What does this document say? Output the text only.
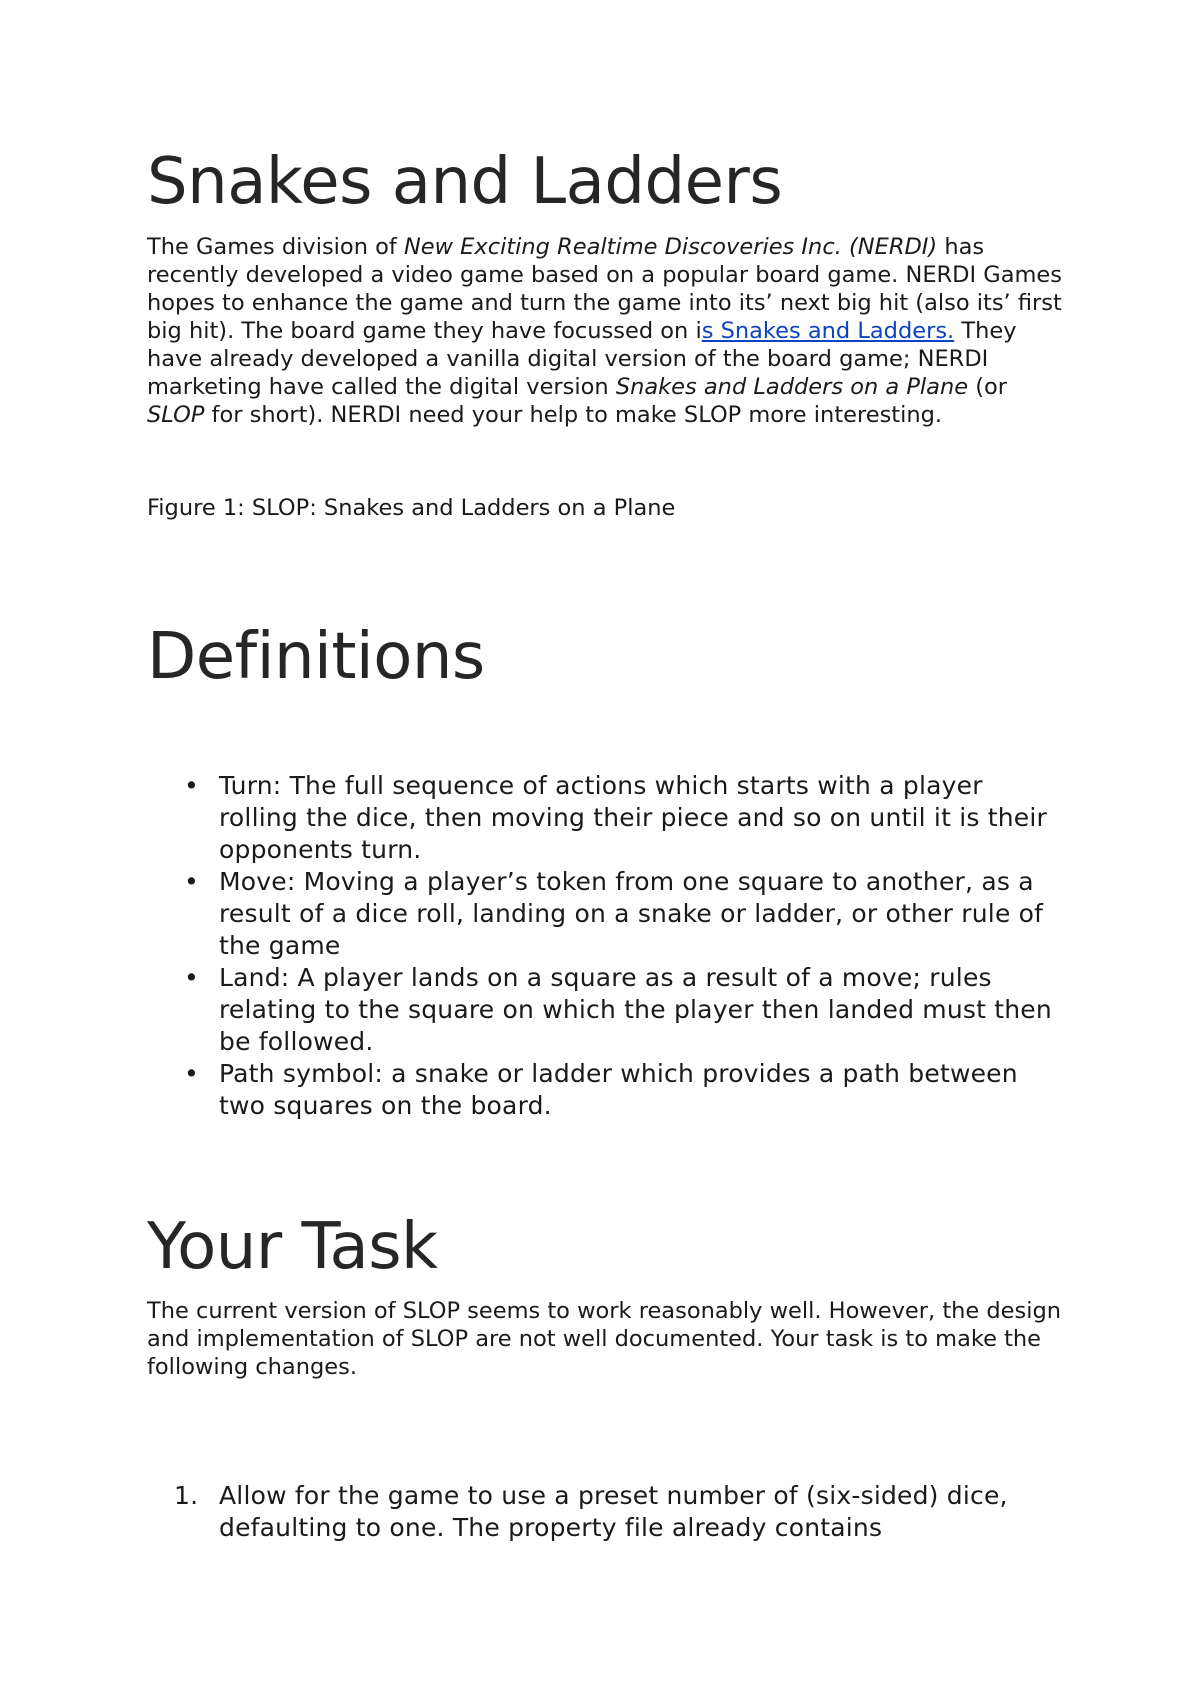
Snakes and Ladders

The Games division of New Exciting Realtime Discoveries Inc. (NERDI) has recently developed a video game based on a popular board game. NERDI Games hopes to enhance the game and turn the game into its’ next big hit (also its’ first big hit). The board game they have focussed on is Snakes and Ladders. They have already developed a vanilla digital version of the board game; NERDI marketing have called the digital version Snakes and Ladders on a Plane (or SLOP for short). NERDI need your help to make SLOP more interesting.

Figure 1: SLOP: Snakes and Ladders on a Plane

Definitions
• Turn: The full sequence of actions which starts with a player rolling the dice, then moving their piece and so on until it is their opponents turn.
• Move: Moving a player’s token from one square to another, as a result of a dice roll, landing on a snake or ladder, or other rule of the game
• Land: A player lands on a square as a result of a move; rules relating to the square on which the player then landed must then be followed.
• Path symbol: a snake or ladder which provides a path between two squares on the board.
Your Task

The current version of SLOP seems to work reasonably well. However, the design and implementation of SLOP are not well documented. Your task is to make the following changes.

1. Allow for the game to use a preset number of (six-sided) dice, defaulting to one. The property file already contains
